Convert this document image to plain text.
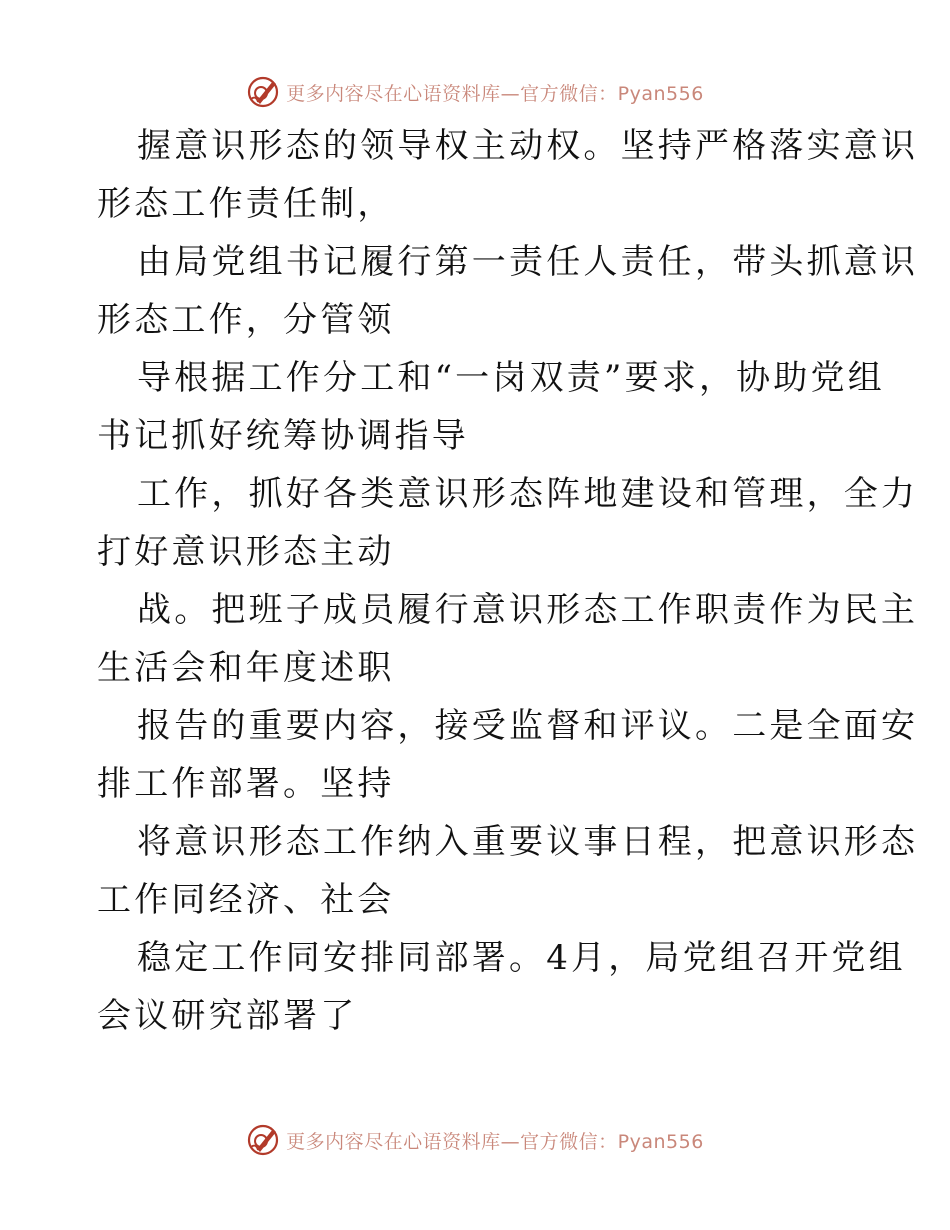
更多内容尽在心语资料库—官方微信：Pyan556
握意识形态的领导权主动权。坚持严格落实意识
形态工作责任制，
由局党组书记履行第一责任人责任，带头抓意识
形态工作，分管领
导根据工作分工和“一岗双责”要求，协助党组
书记抓好统筹协调指导
工作，抓好各类意识形态阵地建设和管理，全力
打好意识形态主动
战。把班子成员履行意识形态工作职责作为民主
生活会和年度述职
报告的重要内容，接受监督和评议。二是全面安
排工作部署。坚持
将意识形态工作纳入重要议事日程，把意识形态
工作同经济、社会
稳定工作同安排同部署。4月，局党组召开党组
会议研究部署了
更多内容尽在心语资料库—官方微信：Pyan556
